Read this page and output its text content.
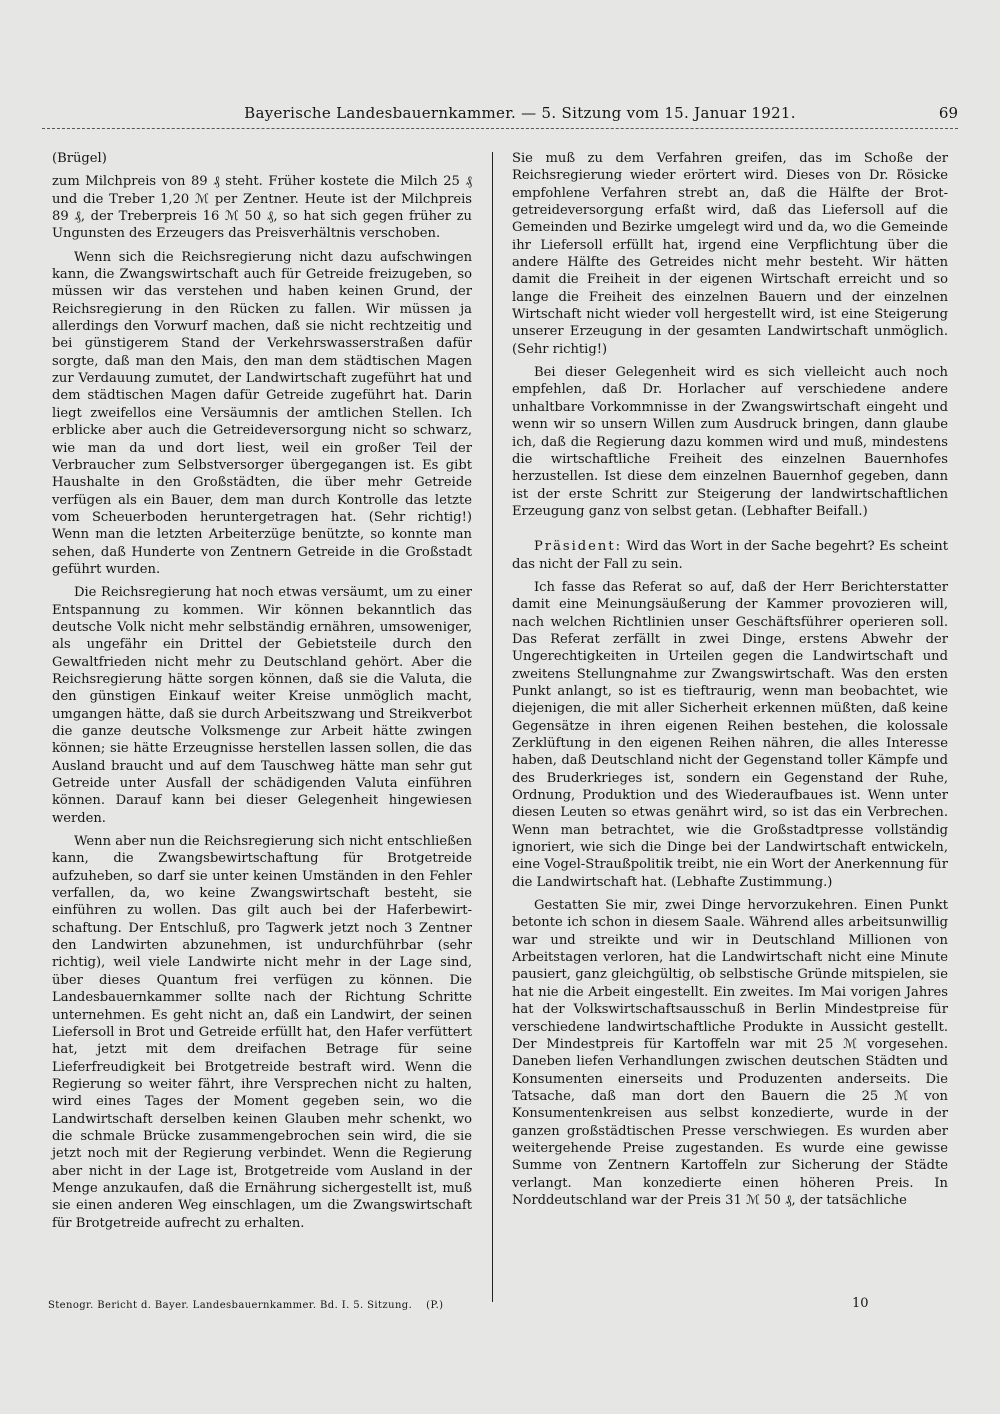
Bayerische Landesbauernkammer. — 5. Sitzung vom 15. Januar 1921.	69

(Brügel)

zum Milchpreis von 89 ₰ steht. Früher kostete die Milch 25 ₰ und die Treber 1,20 ℳ per Zentner. Heute ist der Milchpreis 89 ₰, der Treberpreis 16 ℳ 50 ₰, so hat sich gegen früher zu Ungunsten des Erzeugers das Preisverhältnis verschoben.

Wenn sich die Reichsregierung nicht dazu aufschwingen kann, die Zwangswirtschaft auch für Getreide freizugeben, so müssen wir das verstehen und haben keinen Grund, der Reichsregierung in den Rücken zu fallen. Wir müssen ja allerdings den Vorwurf machen, daß sie nicht rechtzeitig und bei günstigerem Stand der Verkehrswasserstraßen dafür sorgte, daß man den Mais, den man dem städtischen Magen zur Verdauung zumutet, der Landwirtschaft zugeführt hat und dem städtischen Magen dafür Getreide zugeführt hat. Darin liegt zweifellos eine Versäumnis der amtlichen Stellen. Ich erblicke aber auch die Getreideversorgung nicht so schwarz, wie man da und dort liest, weil ein großer Teil der Verbraucher zum Selbstversorger übergegangen ist. Es gibt Haushalte in den Großstädten, die über mehr Getreide verfügen als ein Bauer, dem man durch Kontrolle das letzte vom Scheuerboden heruntergetragen hat. (Sehr richtig!) Wenn man die letzten Arbeiterzüge benützte, so konnte man sehen, daß Hunderte von Zentnern Getreide in die Großstadt geführt wurden.

Die Reichsregierung hat noch etwas versäumt, um zu einer Entspannung zu kommen. Wir können bekanntlich das deutsche Volk nicht mehr selbständig ernähren, umsoweniger, als ungefähr ein Drittel der Gebietsteile durch den Gewaltfrieden nicht mehr zu Deutschland gehört. Aber die Reichsregierung hätte sorgen können, daß sie die Valuta, die den günstigen Einkauf weiter Kreise unmöglich macht, umgangen hätte, daß sie durch Arbeitszwang und Streikverbot die ganze deutsche Volksmenge zur Arbeit hätte zwingen können; sie hätte Erzeugnisse herstellen lassen sollen, die das Ausland braucht und auf dem Tauschweg hätte man sehr gut Getreide unter Ausfall der schädigenden Valuta einführen können. Darauf kann bei dieser Gelegenheit hingewiesen werden.

Wenn aber nun die Reichsregierung sich nicht entschließen kann, die Zwangsbewirtschaftung für Brotgetreide aufzuheben, so darf sie unter keinen Umständen in den Fehler verfallen, da, wo keine Zwangswirtschaft besteht, sie einführen zu wollen. Das gilt auch bei der Haferbewirtschaftung. Der Entschluß, pro Tagwerk jetzt noch 3 Zentner den Landwirten abzunehmen, ist undurchführbar (sehr richtig), weil viele Landwirte nicht mehr in der Lage sind, über dieses Quantum frei verfügen zu können. Die Landesbauernkammer sollte nach der Richtung Schritte unternehmen. Es geht nicht an, daß ein Landwirt, der seinen Liefersoll in Brot und Getreide erfüllt hat, den Hafer verfüttert hat, jetzt mit dem dreifachen Betrage für seine Lieferfreudigkeit bei Brotgetreide bestraft wird. Wenn die Regierung so weiter fährt, ihre Versprechen nicht zu halten, wird eines Tages der Moment gegeben sein, wo die Landwirtschaft derselben keinen Glauben mehr schenkt, wo die schmale Brücke zusammengebrochen sein wird, die sie jetzt noch mit der Regierung verbindet. Wenn die Regierung aber nicht in der Lage ist, Brotgetreide vom Ausland in der Menge anzukaufen, daß die Ernährung sichergestellt ist, muß sie einen anderen Weg einschlagen, um die Zwangswirtschaft für Brotgetreide aufrecht zu erhalten.

Sie muß zu dem Verfahren greifen, das im Schoße der Reichsregierung wieder erörtert wird. Dieses von Dr. Rösicke empfohlene Verfahren strebt an, daß die Hälfte der Brotgetreideversorgung erfaßt wird, daß das Liefersoll auf die Gemeinden und Bezirke umgelegt wird und da, wo die Gemeinde ihr Liefersoll erfüllt hat, irgend eine Verpflichtung über die andere Hälfte des Getreides nicht mehr besteht. Wir hätten damit die Freiheit in der eigenen Wirtschaft erreicht und so lange die Freiheit des einzelnen Bauern und der einzelnen Wirtschaft nicht wieder voll hergestellt wird, ist eine Steigerung unserer Erzeugung in der gesamten Landwirtschaft unmöglich. (Sehr richtig!)

Bei dieser Gelegenheit wird es sich vielleicht auch noch empfehlen, daß Dr. Horlacher auf verschiedene andere unhaltbare Vorkommnisse in der Zwangswirtschaft eingeht und wenn wir so unsern Willen zum Ausdruck bringen, dann glaube ich, daß die Regierung dazu kommen wird und muß, mindestens die wirtschaftliche Freiheit des einzelnen Bauernhofes herzustellen. Ist diese dem einzelnen Bauernhof gegeben, dann ist der erste Schritt zur Steigerung der landwirtschaftlichen Erzeugung ganz von selbst getan. (Lebhafter Beifall.)

Präsident: Wird das Wort in der Sache begehrt? Es scheint das nicht der Fall zu sein.

Ich fasse das Referat so auf, daß der Herr Berichterstatter damit eine Meinungsäußerung der Kammer provozieren will, nach welchen Richtlinien unser Geschäftsführer operieren soll. Das Referat zerfällt in zwei Dinge, erstens Abwehr der Ungerechtigkeiten in Urteilen gegen die Landwirtschaft und zweitens Stellungnahme zur Zwangswirtschaft. Was den ersten Punkt anlangt, so ist es tieftraurig, wenn man beobachtet, wie diejenigen, die mit aller Sicherheit erkennen müßten, daß keine Gegensätze in ihren eigenen Reihen bestehen, die kolossale Zerklüftung in den eigenen Reihen nähren, die alles Interesse haben, daß Deutschland nicht der Gegenstand toller Kämpfe und des Bruderkrieges ist, sondern ein Gegenstand der Ruhe, Ordnung, Produktion und des Wiederaufbaues ist. Wenn unter diesen Leuten so etwas genährt wird, so ist das ein Verbrechen. Wenn man betrachtet, wie die Großstadtpresse vollständig ignoriert, wie sich die Dinge bei der Landwirtschaft entwickeln, eine Vogel-Straußpolitik treibt, nie ein Wort der Anerkennung für die Landwirtschaft hat. (Lebhafte Zustimmung.)

Gestatten Sie mir, zwei Dinge hervorzukehren. Einen Punkt betonte ich schon in diesem Saale. Während alles arbeitsunwillig war und streikte und wir in Deutschland Millionen von Arbeitstagen verloren, hat die Landwirtschaft nicht eine Minute pausiert, ganz gleichgültig, ob selbstische Gründe mitspielen, sie hat nie die Arbeit eingestellt. Ein zweites. Im Mai vorigen Jahres hat der Volkswirtschaftsausschuß in Berlin Mindestpreise für verschiedene landwirtschaftliche Produkte in Aussicht gestellt. Der Mindestpreis für Kartoffeln war mit 25 ℳ vorgesehen. Daneben liefen Verhandlungen zwischen deutschen Städten und Konsumenten einerseits und Produzenten anderseits. Die Tatsache, daß man dort den Bauern die 25 ℳ von Konsumentenkreisen aus selbst konzedierte, wurde in der ganzen großstädtischen Presse verschwiegen. Es wurden aber weitergehende Preise zugestanden. Es wurde eine gewisse Summe von Zentnern Kartoffeln zur Sicherung der Städte verlangt. Man konzedierte einen höheren Preis. In Norddeutschland war der Preis 31 ℳ 50 ₰, der tatsächliche

Stenogr. Bericht d. Bayer. Landesbauernkammer. Bd. I. 5. Sitzung. (P.)	10
